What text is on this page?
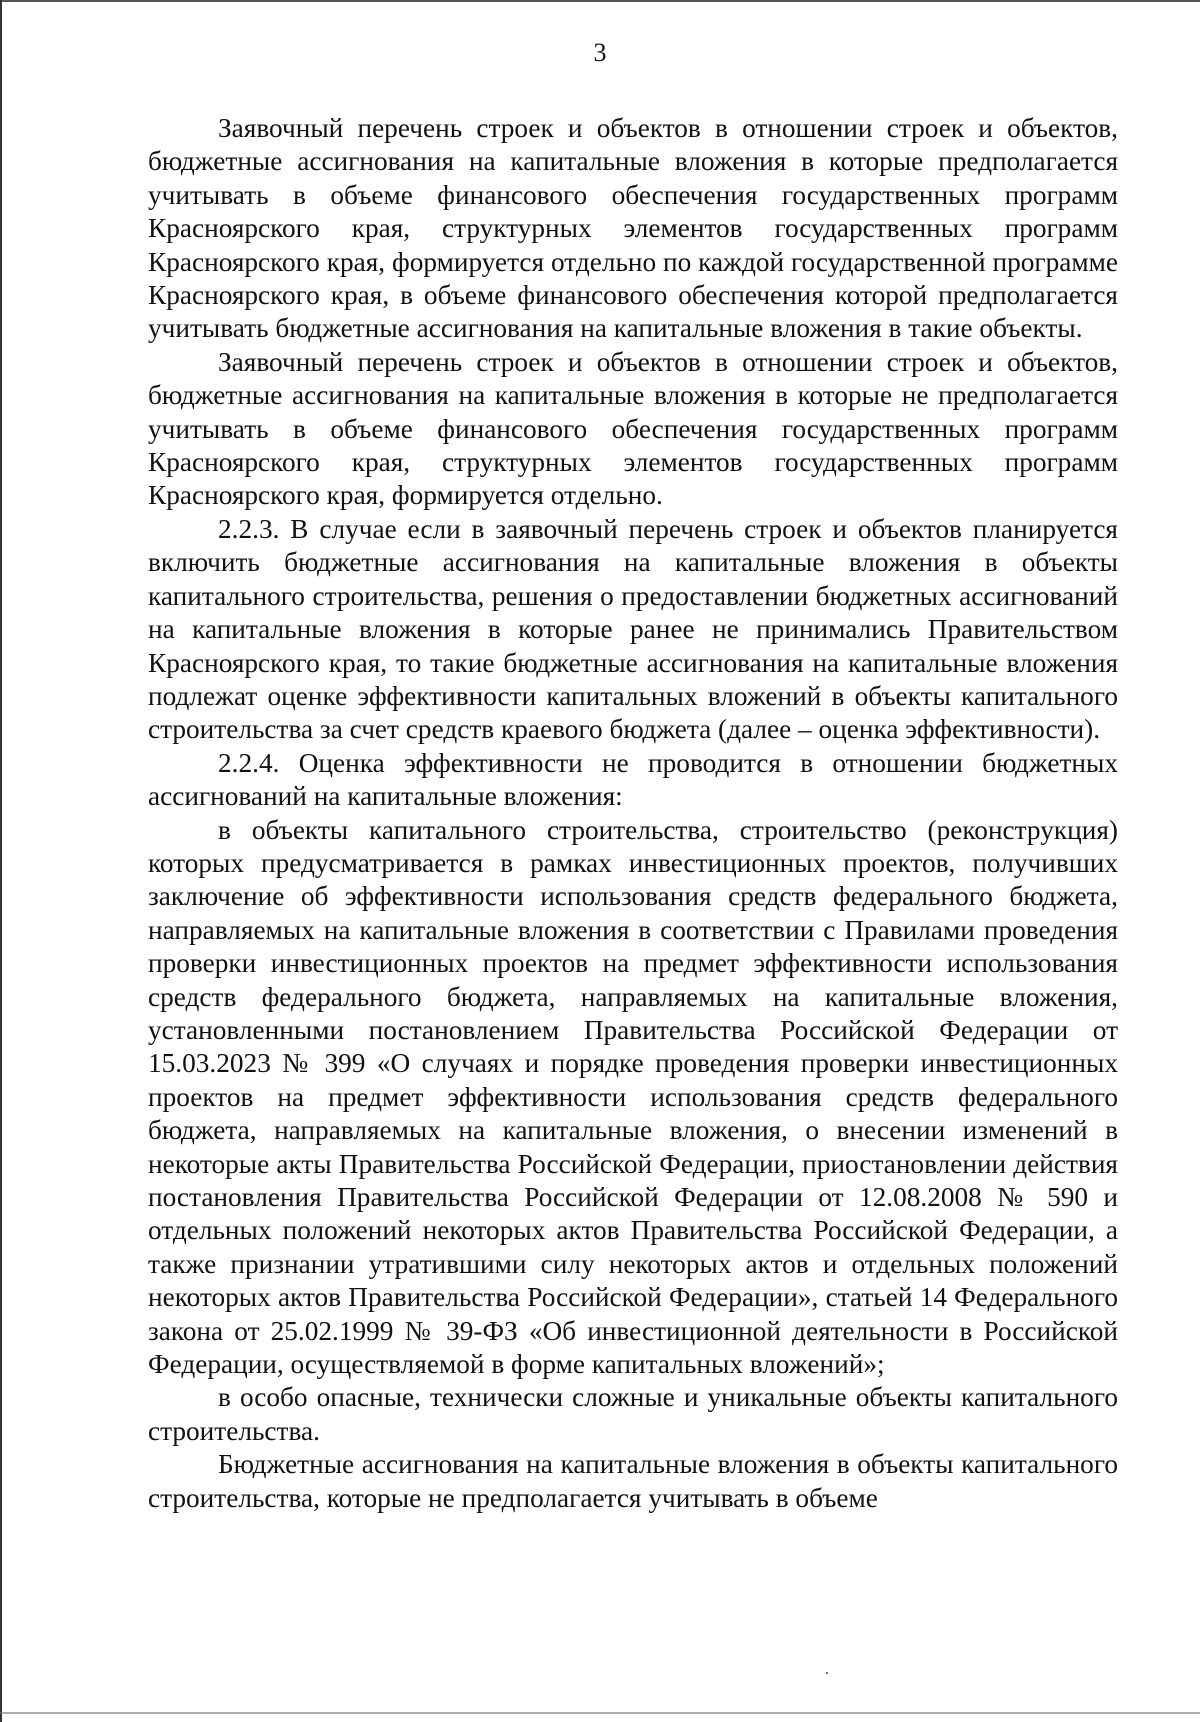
3

Заявочный перечень строек и объектов в отношении строек и объектов, бюджетные ассигнования на капитальные вложения в которые предполагается учитывать в объеме финансового обеспечения государственных программ Красноярского края, структурных элементов государственных программ Красноярского края, формируется отдельно по каждой государственной программе Красноярского края, в объеме финансового обеспечения которой предполагается учитывать бюджетные ассигнования на капитальные вложения в такие объекты.

Заявочный перечень строек и объектов в отношении строек и объектов, бюджетные ассигнования на капитальные вложения в которые не предполагается учитывать в объеме финансового обеспечения государственных программ Красноярского края, структурных элементов государственных программ Красноярского края, формируется отдельно.

2.2.3. В случае если в заявочный перечень строек и объектов планируется включить бюджетные ассигнования на капитальные вложения в объекты капитального строительства, решения о предоставлении бюджетных ассигнований на капитальные вложения в которые ранее не принимались Правительством Красноярского края, то такие бюджетные ассигнования на капитальные вложения подлежат оценке эффективности капитальных вложений в объекты капитального строительства за счет средств краевого бюджета (далее – оценка эффективности).

2.2.4. Оценка эффективности не проводится в отношении бюджетных ассигнований на капитальные вложения:

в объекты капитального строительства, строительство (реконструкция) которых предусматривается в рамках инвестиционных проектов, получивших заключение об эффективности использования средств федерального бюджета, направляемых на капитальные вложения в соответствии с Правилами проведения проверки инвестиционных проектов на предмет эффективности использования средств федерального бюджета, направляемых на капитальные вложения, установленными постановлением Правительства Российской Федерации от 15.03.2023 № 399 «О случаях и порядке проведения проверки инвестиционных проектов на предмет эффективности использования средств федерального бюджета, направляемых на капитальные вложения, о внесении изменений в некоторые акты Правительства Российской Федерации, приостановлении действия постановления Правительства Российской Федерации от 12.08.2008 № 590 и отдельных положений некоторых актов Правительства Российской Федерации, а также признании утратившими силу некоторых актов и отдельных положений некоторых актов Правительства Российской Федерации», статьей 14 Федерального закона от 25.02.1999 № 39-ФЗ «Об инвестиционной деятельности в Российской Федерации, осуществляемой в форме капитальных вложений»;

в особо опасные, технически сложные и уникальные объекты капитального строительства.

Бюджетные ассигнования на капитальные вложения в объекты капитального строительства, которые не предполагается учитывать в объеме
